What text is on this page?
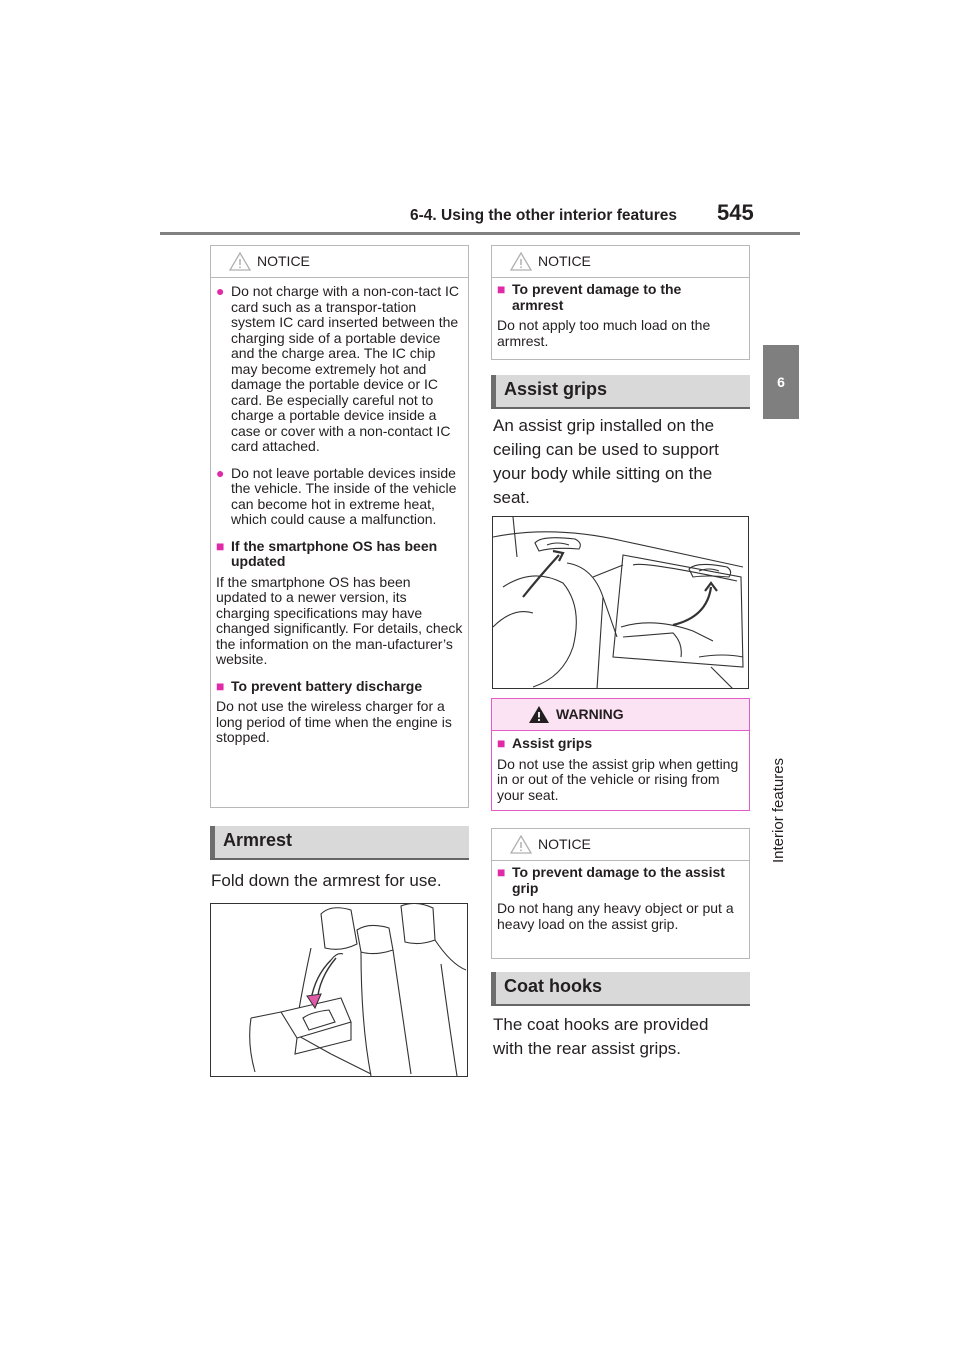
6-4. Using the other interior features 545
6
Interior features
NOTICE
● Do not charge with a non-con-tact IC card such as a transpor-tation system IC card inserted between the charging side of a portable device and the charge area. The IC chip may become extremely hot and damage the portable device or IC card. Be especially careful not to charge a portable device inside a case or cover with a non-contact IC card attached.
● Do not leave portable devices inside the vehicle. The inside of the vehicle can become hot in extreme heat, which could cause a malfunction.
■ If the smartphone OS has been updated
If the smartphone OS has been updated to a newer version, its charging specifications may have changed significantly. For details, check the information on the man-ufacturer’s website.
■ To prevent battery discharge
Do not use the wireless charger for a long period of time when the engine is stopped.
Armrest
Fold down the armrest for use.
NOTICE
■ To prevent damage to the armrest
Do not apply too much load on the armrest.
Assist grips
An assist grip installed on the ceiling can be used to support your body while sitting on the seat.
WARNING
■ Assist grips
Do not use the assist grip when getting in or out of the vehicle or rising from your seat.
NOTICE
■ To prevent damage to the assist grip
Do not hang any heavy object or put a heavy load on the assist grip.
Coat hooks
The coat hooks are provided with the rear assist grips.
